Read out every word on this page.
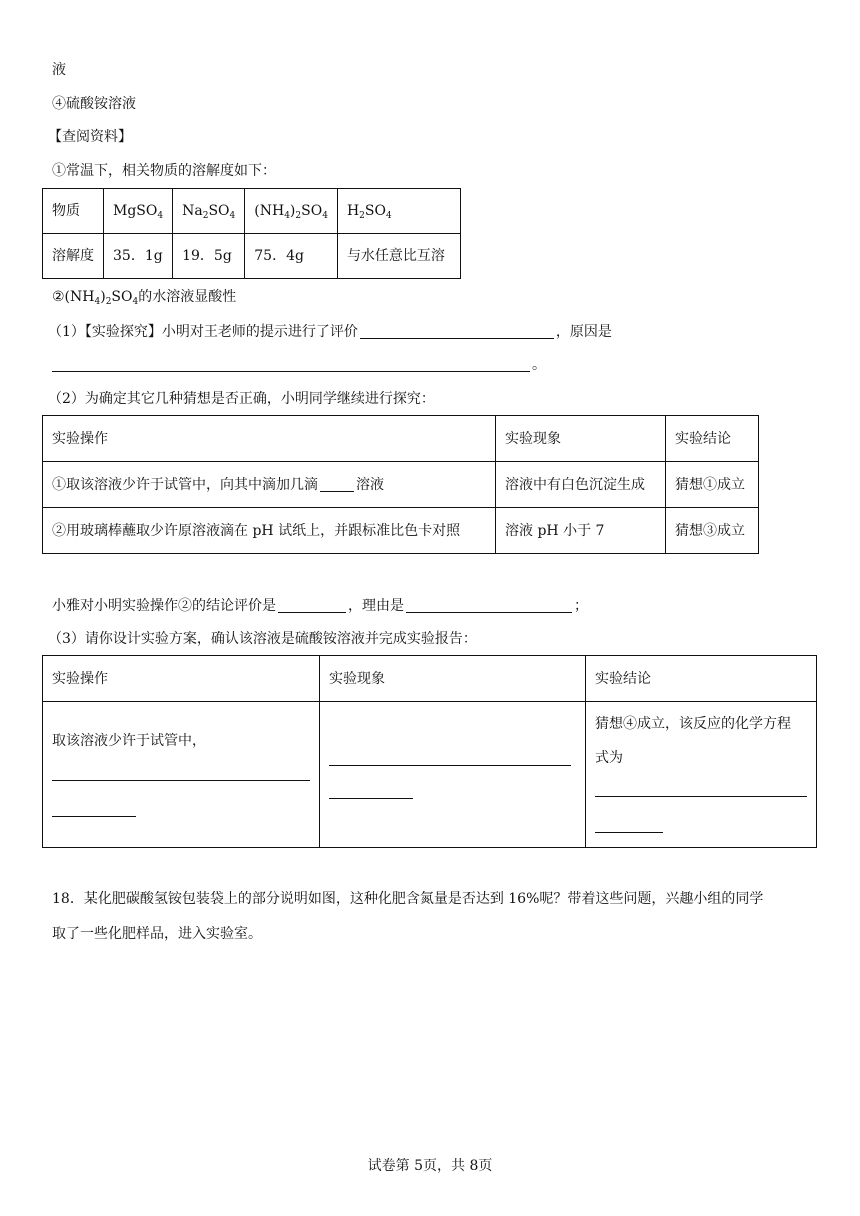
液
④硫酸铵溶液
【查阅资料】
①常温下，相关物质的溶解度如下：
物质	MgSO$_4$	$Na_2SO_4$	$(NH_4)_2SO_4$	$H_2SO_4$
溶解度	35．1g	19．5g	75．4g	与水任意比互溶
$②(NH_4)_2SO_4$的水溶液显酸性
（1）【实验探究】小明对王老师的提示进行了评价	，原因是
。
（2）为确定其它几种猜想是否正确，小明同学继续进行探究：
实验操作	实验现象	实验结论
①取该溶液少许于试管中，向其中滴加几滴 溶液	溶液中有白色沉淀生成	猜想①成立
②用玻璃棒蘸取少许原溶液滴在 pH 试纸上，并跟标准比色卡对照	溶液 pH 小于 7	猜想③成立
小雅对小明实验操作②的结论评价是	，理由是	；
（3）请你设计实验方案，确认该溶液是硫酸铵溶液并完成实验报告：
实验操作	实验现象	实验结论

取该溶液少许于试管中，		猜想④成立，该反应的化学方程
式为
18．某化肥碳酸氢铵包装袋上的部分说明如图，这种化肥含氮量是否达到 16%呢？带着这些问题，兴趣小组的同学
取了一些化肥样品，进入实验室。
试卷第 5页，共 8页
